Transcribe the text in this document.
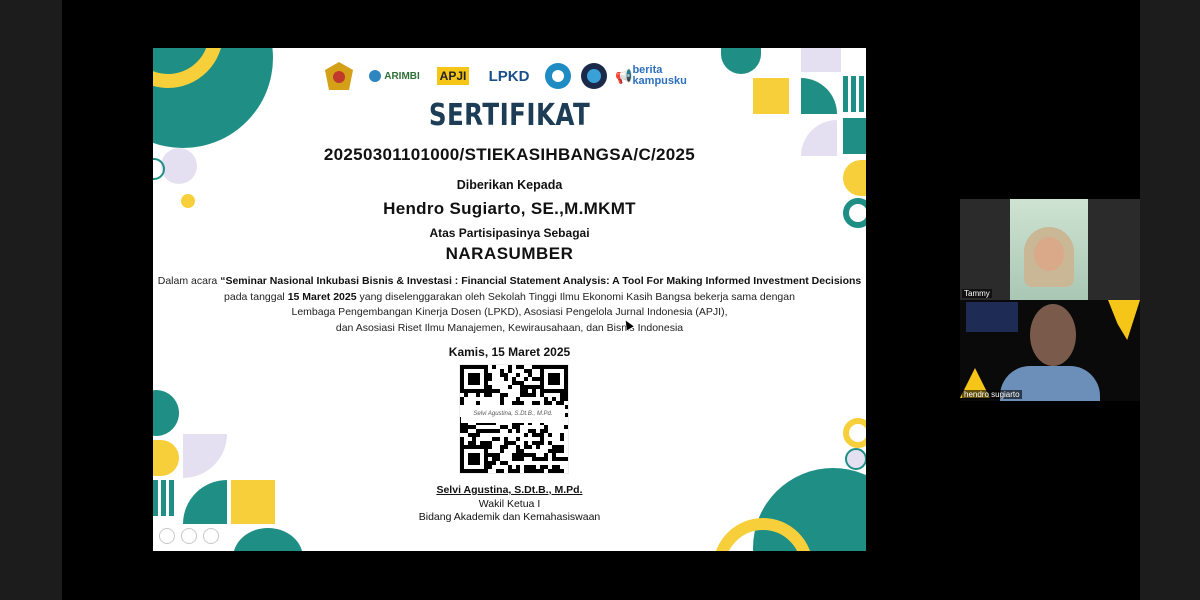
ARIMBI APJI LPKD	📢 berita kampusku
SERTIFIKAT
20250301101000/STIEKASIHBANGSA/C/2025
Diberikan Kepada
Hendro Sugiarto, SE.,M.MKMT
Atas Partisipasinya Sebagai
NARASUMBER
Dalam acara “Seminar Nasional Inkubasi Bisnis & Investasi : Financial Statement Analysis: A Tool For Making Informed Investment Decisions
pada tanggal 15 Maret 2025 yang diselenggarakan oleh Sekolah Tinggi Ilmu Ekonomi Kasih Bangsa bekerja sama dengan
Lembaga Pengembangan Kinerja Dosen (LPKD), Asosiasi Pengelola Jurnal Indonesia (APJI),
dan Asosiasi Riset Ilmu Manajemen, Kewirausahaan, dan Bisnis Indonesia
Kamis, 15 Maret 2025
Selvi Agustina, S.Dt.B., M.Pd.
Selvi Agustina, S.Dt.B., M.Pd.
Wakil Ketua I
Bidang Akademik dan Kemahasiswaan
Tammy
hendro sugiarto
